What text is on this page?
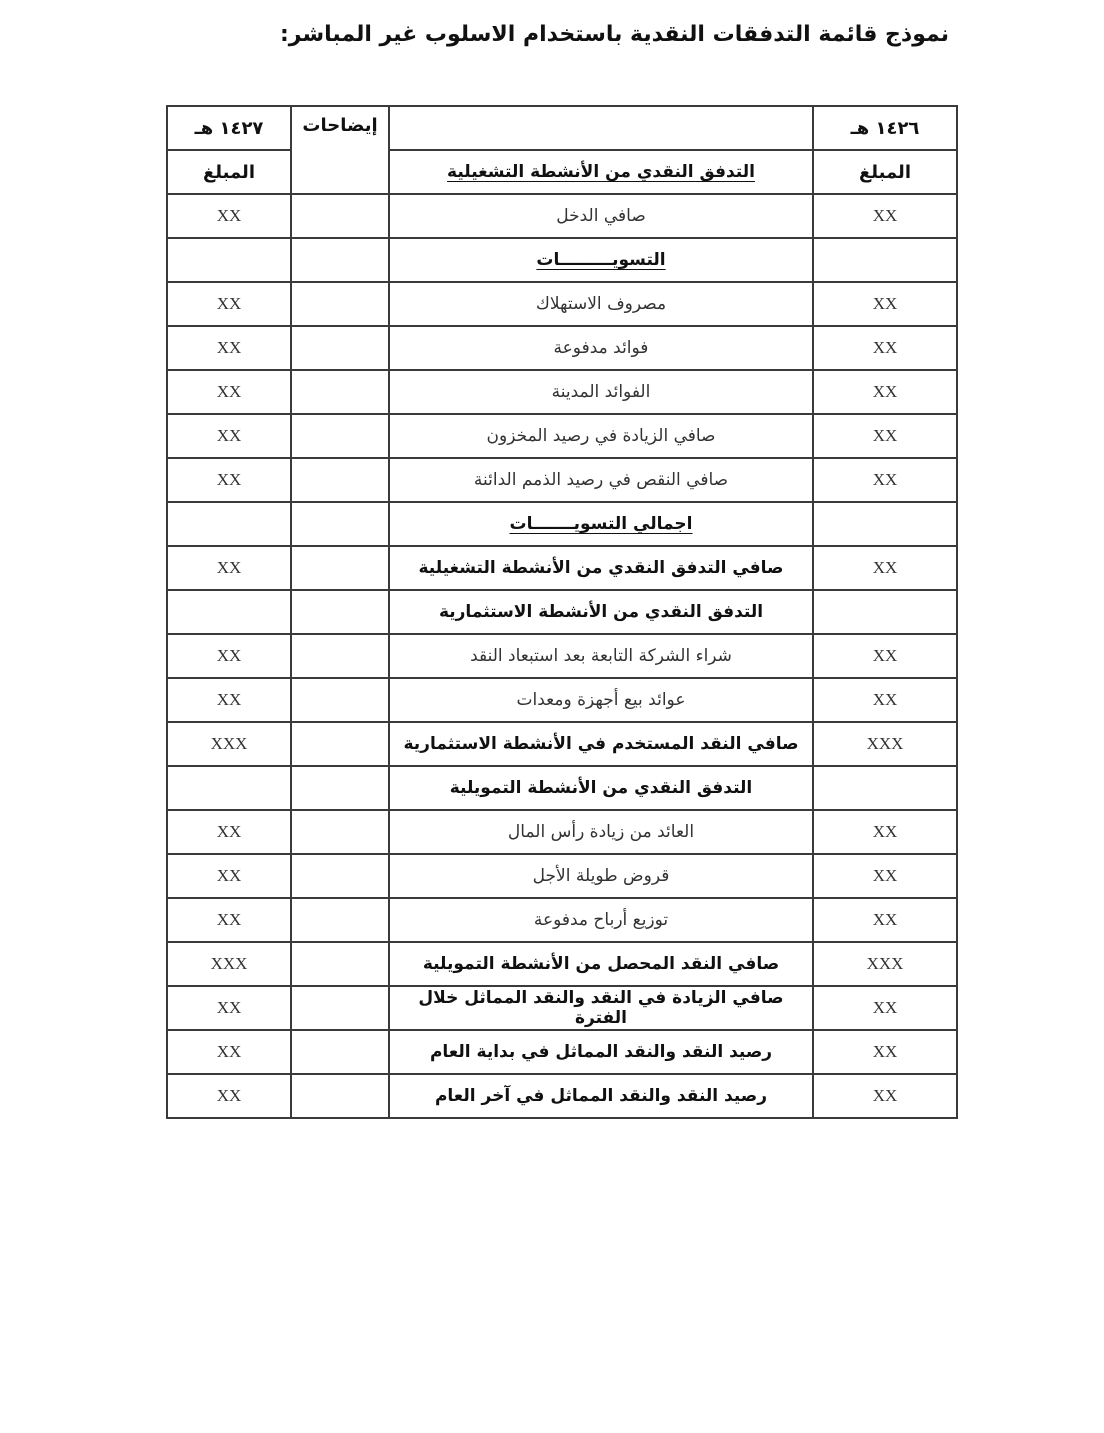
نموذج قائمة التدفقات النقدية باستخدام الاسلوب غير المباشر:
١٤٢٧ هـ	إيضاحات		١٤٢٦ هـ
المبلغ		التدفق النقدي من الأنشطة التشغيلية	المبلغ
XX		صافي الدخل	XX
		التسويـــــــــات	
XX		مصروف الاستهلاك	XX
XX		فوائد مدفوعة	XX
XX		الفوائد المدينة	XX
XX		صافي الزيادة في رصيد المخزون	XX
XX		صافي النقص في رصيد الذمم الدائنة	XX
		اجمالي التسويـــــــات	
XX		صافي التدفق النقدي من الأنشطة التشغيلية	XX
		التدفق النقدي من الأنشطة الاستثمارية	
XX		شراء الشركة التابعة بعد استبعاد النقد	XX
XX		عوائد بيع أجهزة ومعدات	XX
XXX		صافي النقد المستخدم في الأنشطة الاستثمارية	XXX
		التدفق النقدي من الأنشطة التمويلية	
XX		العائد من زيادة رأس المال	XX
XX		قروض طويلة الأجل	XX
XX		توزيع أرباح مدفوعة	XX
XXX		صافي النقد المحصل من الأنشطة التمويلية	XXX
XX		صافي الزيادة في النقد والنقد المماثل خلال الفترة	XX
XX		رصيد النقد والنقد المماثل في بداية العام	XX
XX		رصيد النقد والنقد المماثل في آخر العام	XX
